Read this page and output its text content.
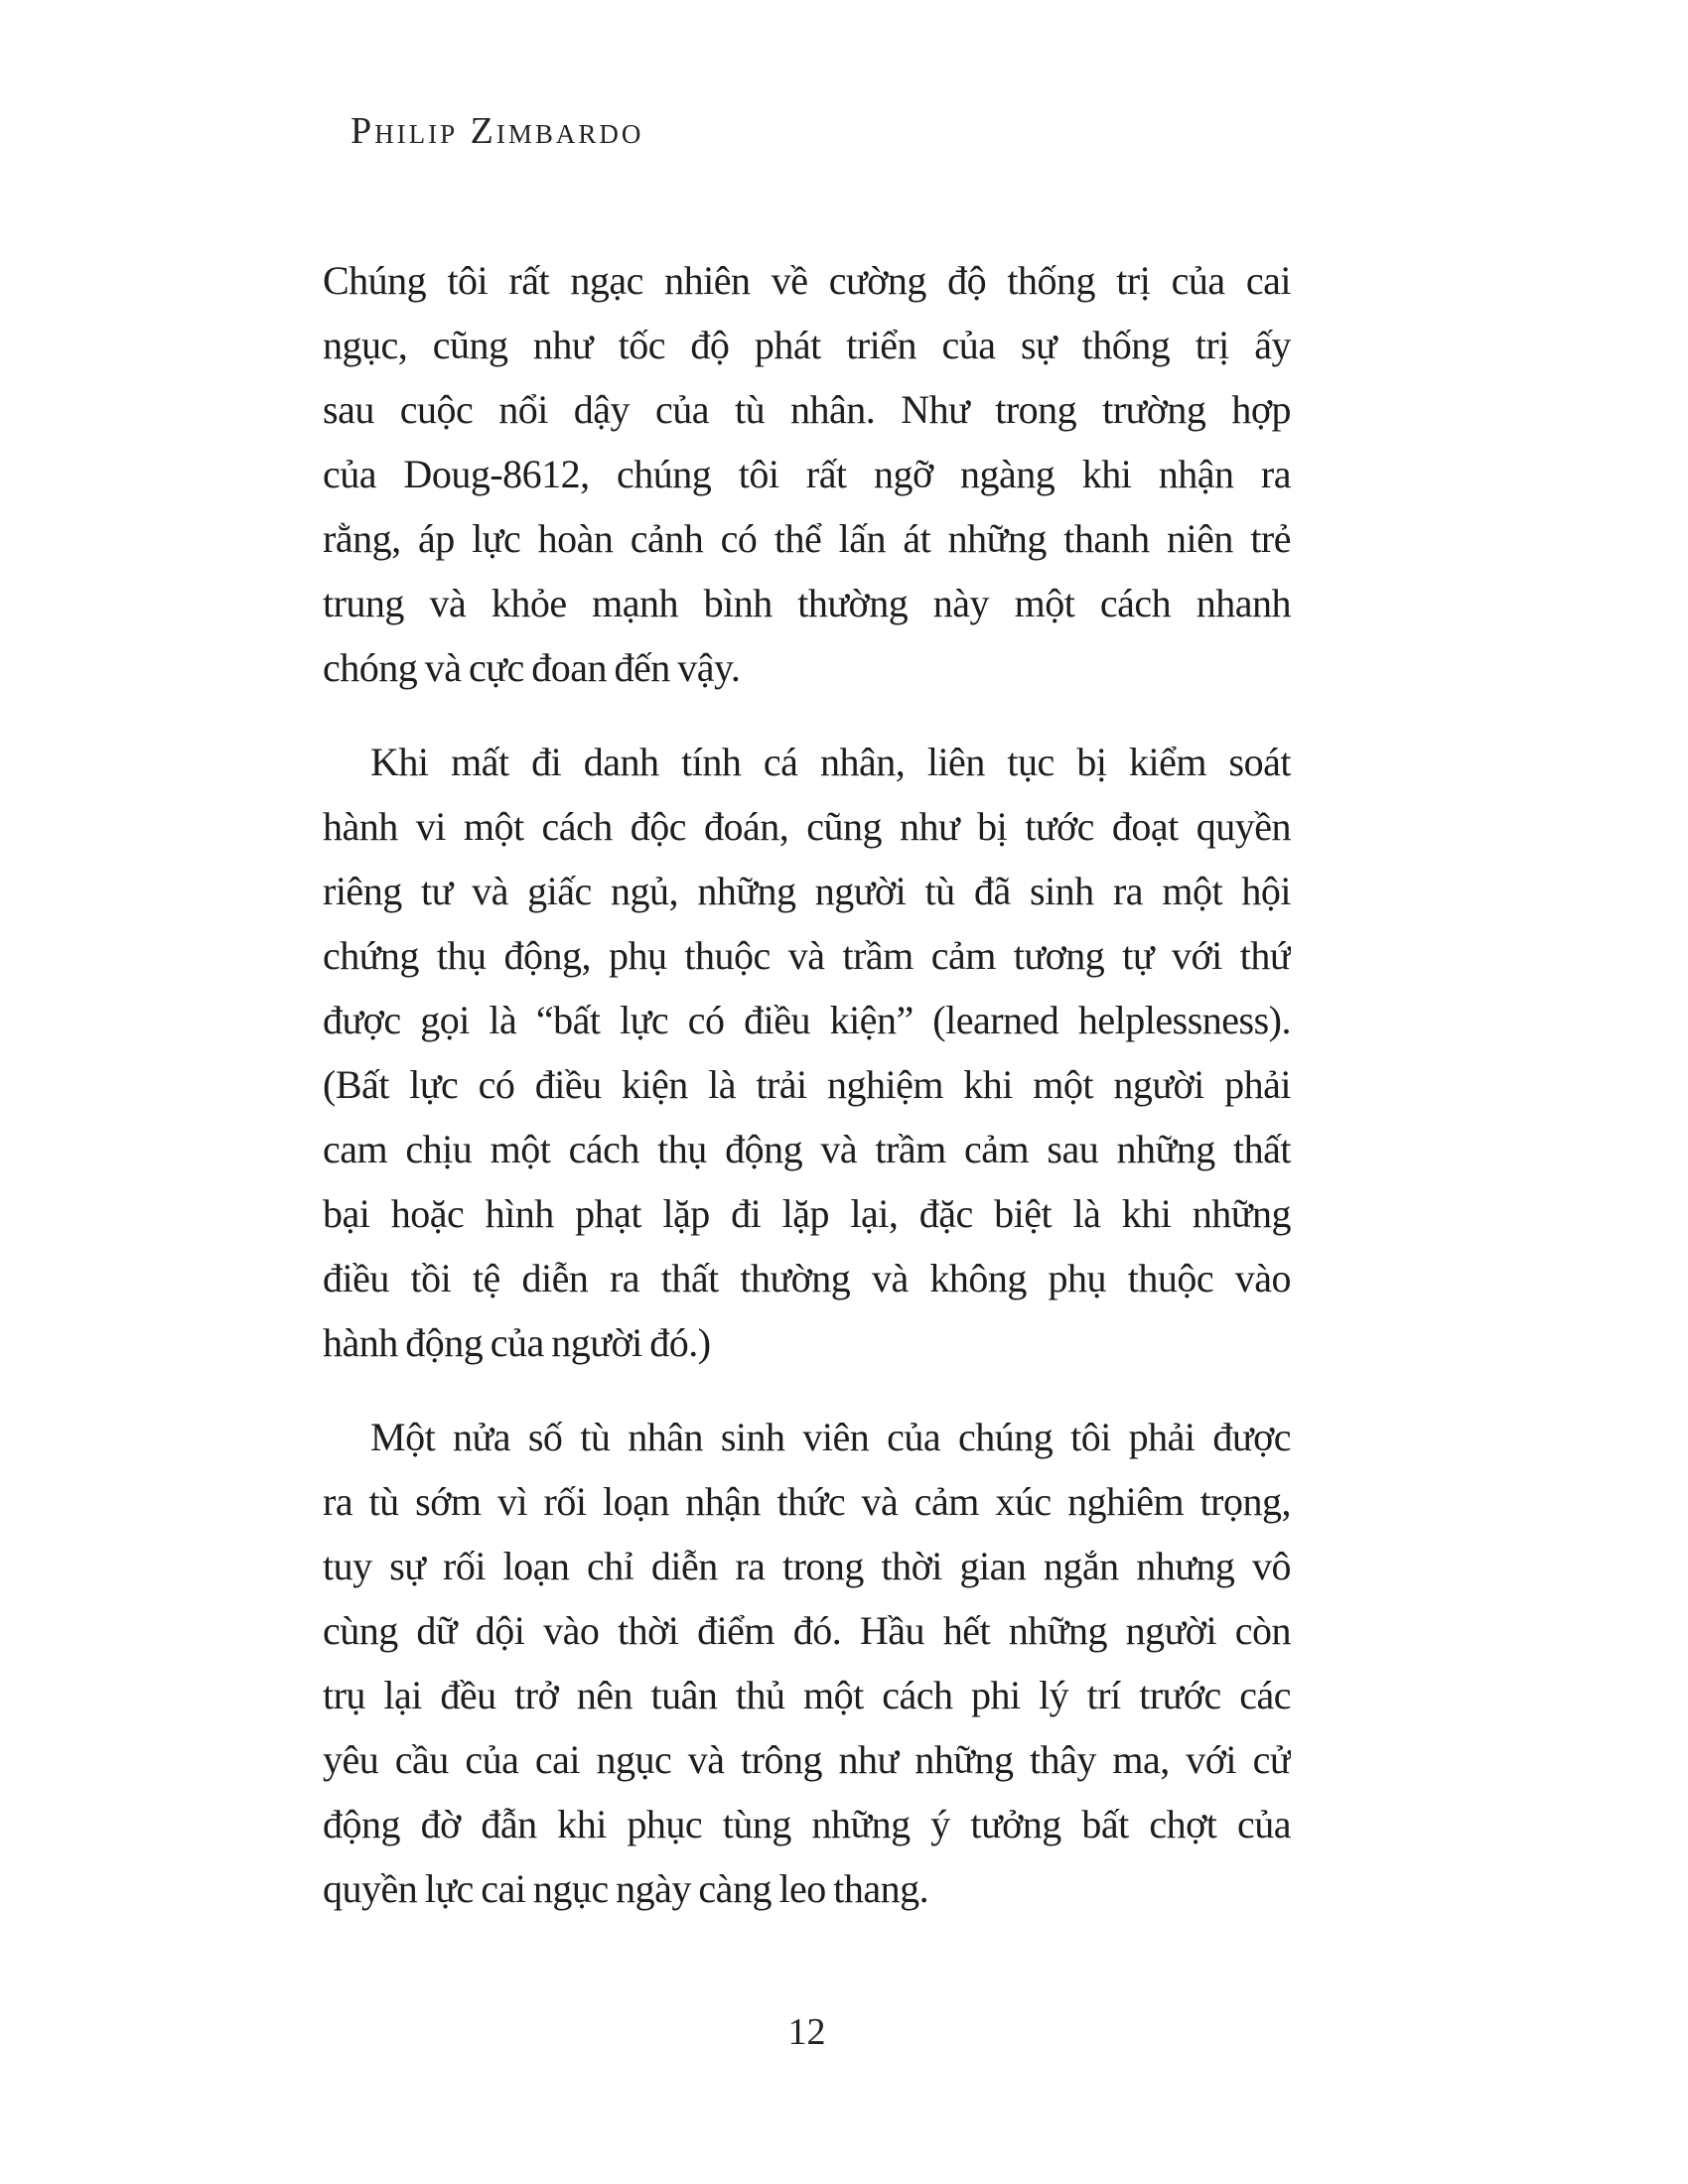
Philip Zimbardo
Chúng tôi rất ngạc nhiên về cường độ thống trị của cai
ngục, cũng như tốc độ phát triển của sự thống trị ấy
sau cuộc nổi dậy của tù nhân. Như trong trường hợp
của Doug-8612, chúng tôi rất ngỡ ngàng khi nhận ra
rằng, áp lực hoàn cảnh có thể lấn át những thanh niên trẻ
trung và khỏe mạnh bình thường này một cách nhanh
chóng và cực đoan đến vậy.
Khi mất đi danh tính cá nhân, liên tục bị kiểm soát
hành vi một cách độc đoán, cũng như bị tước đoạt quyền
riêng tư và giấc ngủ, những người tù đã sinh ra một hội
chứng thụ động, phụ thuộc và trầm cảm tương tự với thứ
được gọi là “bất lực có điều kiện” (learned helplessness).
(Bất lực có điều kiện là trải nghiệm khi một người phải
cam chịu một cách thụ động và trầm cảm sau những thất
bại hoặc hình phạt lặp đi lặp lại, đặc biệt là khi những
điều tồi tệ diễn ra thất thường và không phụ thuộc vào
hành động của người đó.)
Một nửa số tù nhân sinh viên của chúng tôi phải được
ra tù sớm vì rối loạn nhận thức và cảm xúc nghiêm trọng,
tuy sự rối loạn chỉ diễn ra trong thời gian ngắn nhưng vô
cùng dữ dội vào thời điểm đó. Hầu hết những người còn
trụ lại đều trở nên tuân thủ một cách phi lý trí trước các
yêu cầu của cai ngục và trông như những thây ma, với cử
động đờ đẫn khi phục tùng những ý tưởng bất chợt của
quyền lực cai ngục ngày càng leo thang.
12
